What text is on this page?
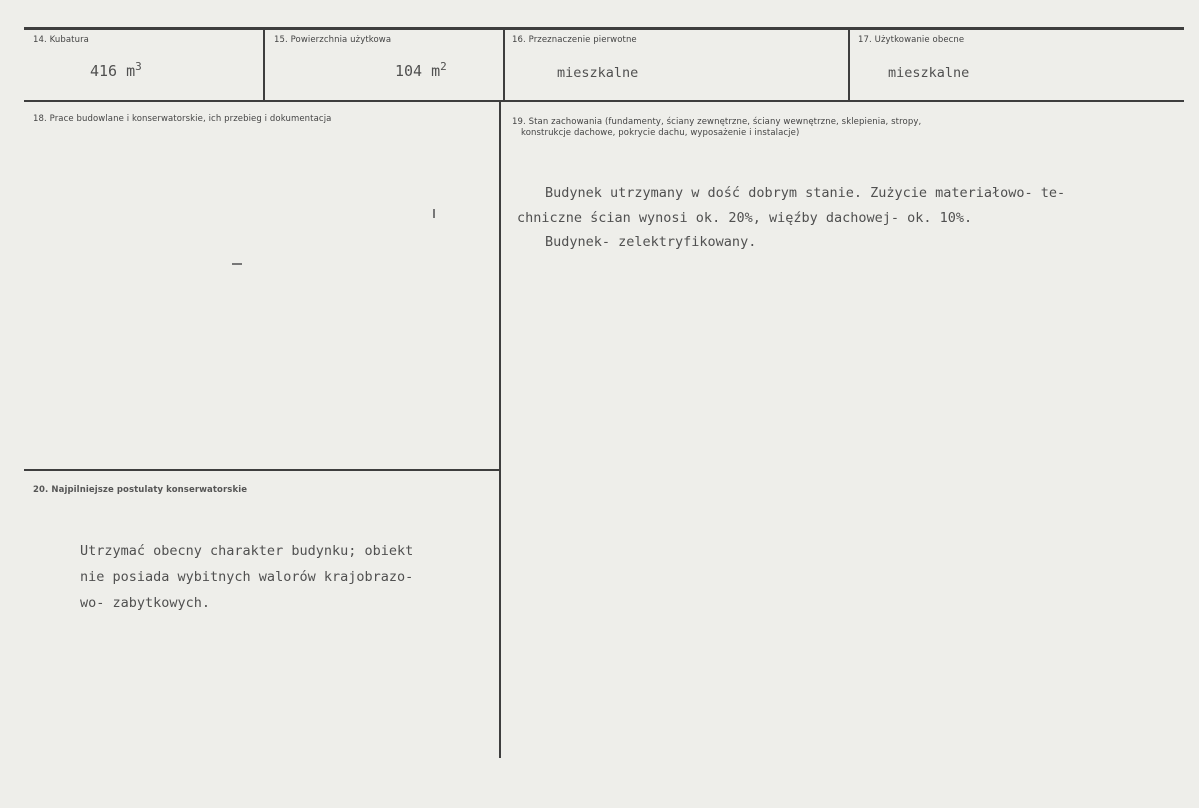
14. Kubatura
416 $m^3$
15. Powierzchnia użytkowa
104 $m^2$
16. Przeznaczenie pierwotne
mieszkalne
17. Użytkowanie obecne
mieszkalne
18. Prace budowlane i konserwatorskie, ich przebieg i dokumentacja	19. Stan zachowania (fundamenty, ściany zewnętrzne, ściany wewnętrzne, sklepienia, stropy,
konstrukcje dachowe, pokrycie dachu, wyposażenie i instalacje)
Budynek utrzymany w dość dobrym stanie. Zużycie materiałowo- te-
chniczne ścian wynosi ok. 20%, więźby dachowej- ok. 10%.
Budynek- zelektryfikowany.
20. Najpilniejsze postulaty konserwatorskie
Utrzymać obecny charakter budynku; obiekt
nie posiada wybitnych walorów krajobrazo-
wo- zabytkowych.
